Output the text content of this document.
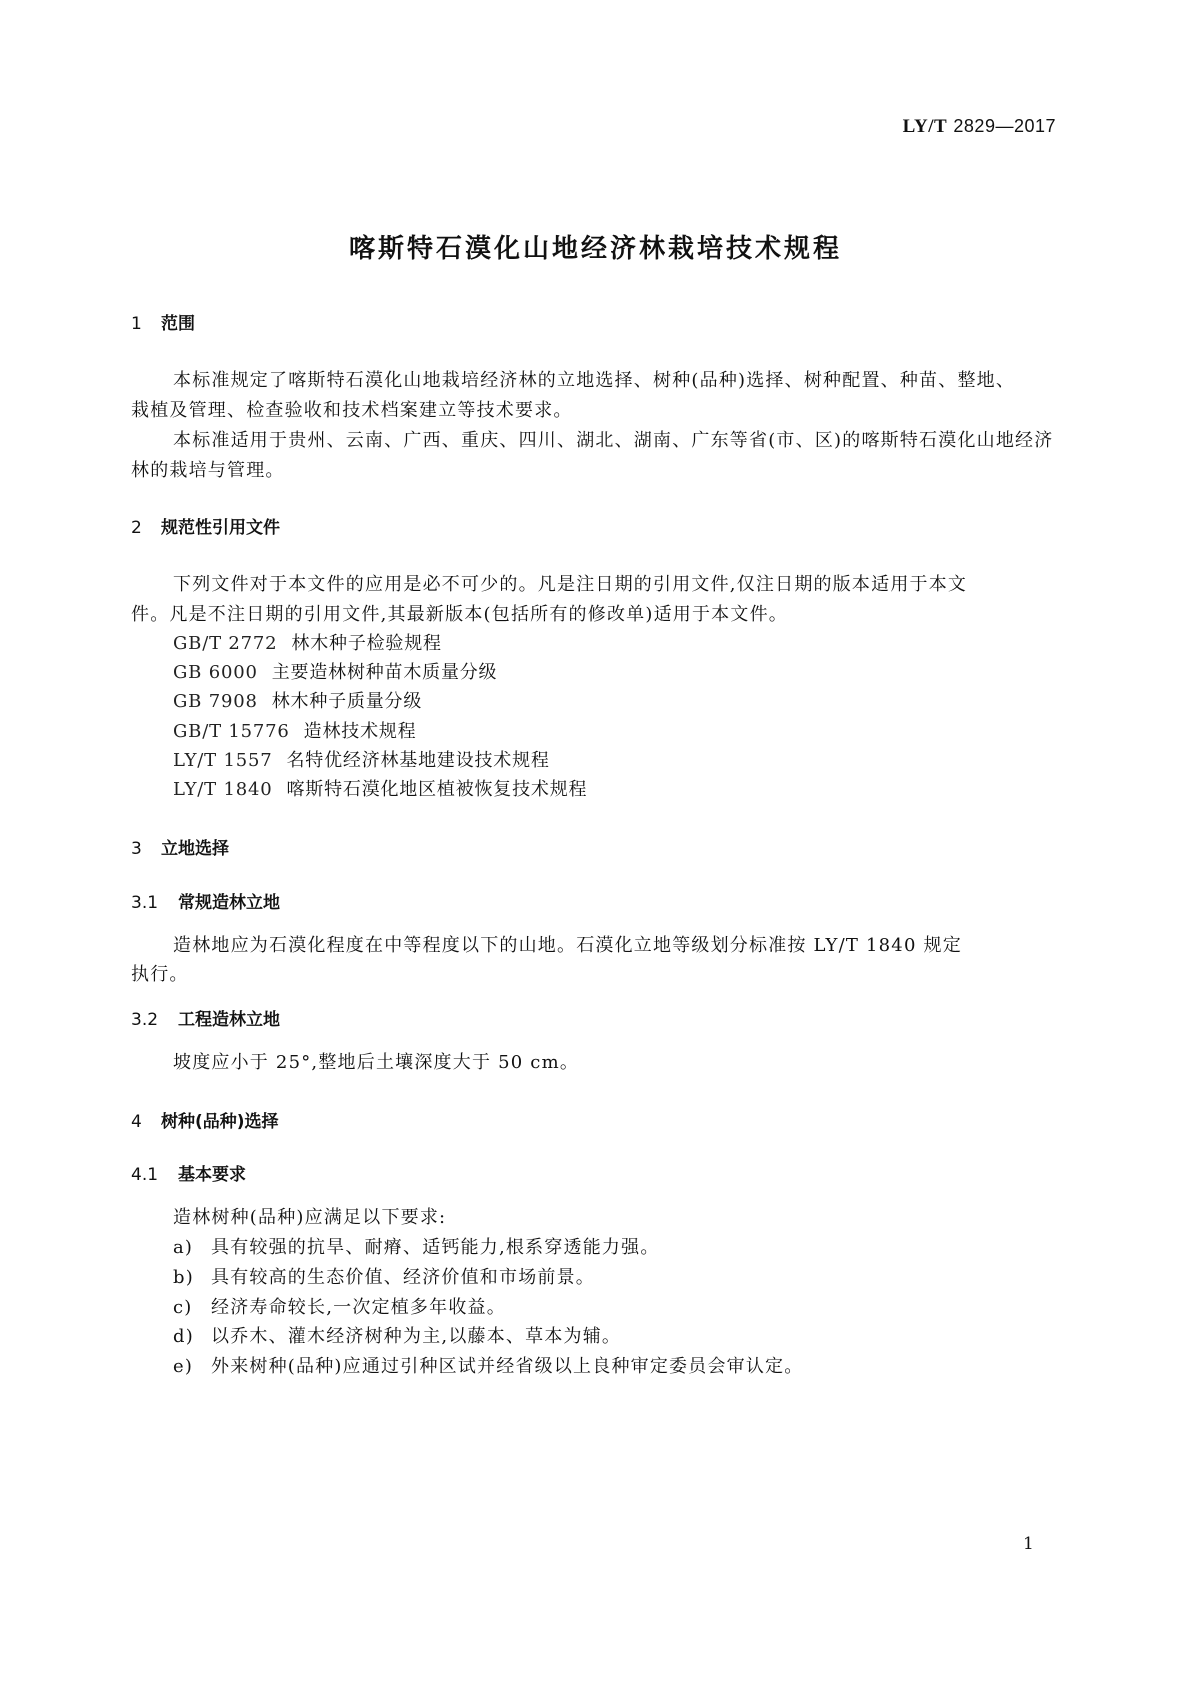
LY/T 2829—2017
喀斯特石漠化山地经济林栽培技术规程
1 范围
本标准规定了喀斯特石漠化山地栽培经济林的立地选择、树种(品种)选择、树种配置、种苗、整地、
栽植及管理、检查验收和技术档案建立等技术要求。
本标准适用于贵州、云南、广西、重庆、四川、湖北、湖南、广东等省(市、区)的喀斯特石漠化山地经济
林的栽培与管理。
2 规范性引用文件
下列文件对于本文件的应用是必不可少的。凡是注日期的引用文件,仅注日期的版本适用于本文
件。凡是不注日期的引用文件,其最新版本(包括所有的修改单)适用于本文件。
GB/T 2772 林木种子检验规程
GB 6000 主要造林树种苗木质量分级
GB 7908 林木种子质量分级
GB/T 15776 造林技术规程
LY/T 1557 名特优经济林基地建设技术规程
LY/T 1840 喀斯特石漠化地区植被恢复技术规程
3 立地选择
3.1 常规造林立地
造林地应为石漠化程度在中等程度以下的山地。石漠化立地等级划分标准按 LY/T 1840 规定
执行。
3.2 工程造林立地
坡度应小于 25°,整地后土壤深度大于 50 cm。
4 树种(品种)选择
4.1 基本要求
造林树种(品种)应满足以下要求:
a) 具有较强的抗旱、耐瘠、适钙能力,根系穿透能力强。
b) 具有较高的生态价值、经济价值和市场前景。
c) 经济寿命较长,一次定植多年收益。
d) 以乔木、灌木经济树种为主,以藤本、草本为辅。
e) 外来树种(品种)应通过引种区试并经省级以上良种审定委员会审认定。
1
